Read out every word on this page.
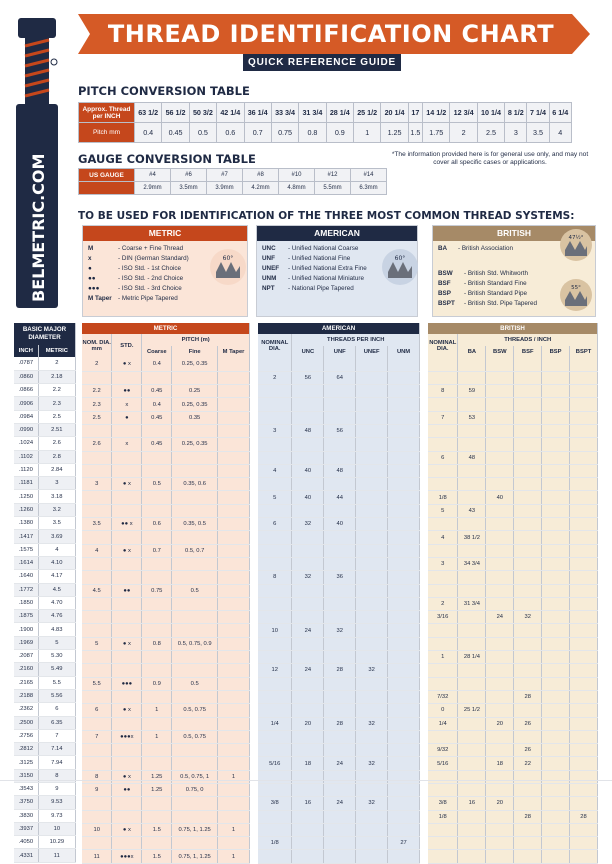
BELMETRIC.COM
THREAD IDENTIFICATION CHART
QUICK REFERENCE GUIDE
PITCH CONVERSION TABLE
Approx. Thread per INCH	63 1/2	56 1/2	50 3/2	42 1/4	36 1/4	33 3/4	31 3/4	28 1/4	25 1/2	20 1/4	17	14 1/2	12 3/4	10 1/4	8 1/2	7 1/4	6 1/4
Pitch mm	0.4	0.45	0.5	0.6	0.7	0.75	0.8	0.9	1	1.25	1.5	1.75	2	2.5	3	3.5	4
GAUGE CONVERSION TABLE
US GAUGE	#4	#6	#7	#8	#10	#12	#14
	2.9mm	3.5mm	3.9mm	4.2mm	4.8mm	5.5mm	6.3mm
*The information provided here is for general use only, and may not cover all specific cases or applications.
TO BE USED FOR IDENTIFICATION OF THE THREE MOST COMMON THREAD SYSTEMS:
METRIC
M	- Coarse + Fine Thread
x	- DIN (German Standard)
●	- ISO Std. - 1st Choice
●●	- ISO Std. - 2nd Choice
●●●	- ISO Std. - 3rd Choice
M Taper - Metric Pipe Tapered
60°
AMERICAN
UNC - Unified National Coarse
UNF - Unified National Fine
UNEF - Unified National Extra Fine
UNM - Unified National Miniature
NPT - National Pipe Tapered
60°
BRITISH
BA - British Association
BSW - British Std. Whitworth
BSF - British Standard Fine
BSP - British Standard Pipe
BSPT - British Std. Pipe Tapered
47½°
55°
BASIC MAJOR DIAMETER	
INCH	METRIC
.0787	2
.0860	2.18
.0866	2.2
.0906	2.3
.0984	2.5
.0990	2.51
.1024	2.6
.1102	2.8
.1120	2.84
.1181	3
.1250	3.18
.1260	3.2
.1380	3.5
.1417	3.69
.1575	4
.1614	4.10
.1640	4.17
.1772	4.5
.1850	4.70
.1875	4.76
.1900	4.83
.1969	5
.2087	5.30
.2160	5.49
.2165	5.5
.2188	5.56
.2362	6
.2500	6.35
.2756	7
.2812	7.14
.3125	7.94
.3150	8
.3543	9
.3750	9.53
.3830	9.73
.3937	10
.4050	10.29
.4331	11
METRIC				
NOM. DIA. mm	STD.	PITCH (m)		
		Coarse	Fine	M Taper
2	● x	0.4	0.25, 0.35	

2.2	●●	0.45	0.25	
2.3	x	0.4	0.25, 0.35	
2.5	●	0.45	0.35	

2.6	x	0.45	0.25, 0.35	

3	● x	0.5	0.35, 0.6	

3.5	●● x	0.6	0.35, 0.5	

4	● x	0.7	0.5, 0.7	

4.5	●●	0.75	0.5	

5	● x	0.8	0.5, 0.75, 0.9	

5.5	●●●	0.9	0.5	

6	● x	1	0.5, 0.75	

7	●●●x	1	0.5, 0.75	

8	● x	1.25	0.5, 0.75, 1	1
9	●●	1.25	0.75, 0	

10	● x	1.5	0.75, 1, 1.25	1

11	●●●x	1.5	0.75, 1, 1.25	1
AMERICAN				
NOMINAL DIA.	THREADS PER INCH			
	UNC	UNF	UNEF	UNM

2	56	64		

3	48	56		

4	40	48		

5	40	44		

6	32	40		

8	32	36		

10	24	32		

12	24	28	32	

1/4	20	28	32	

5/16	18	24	32	

3/8	16	24	32	

1/8				27

BRITISH					
NOMINAL DIA.	THREADS / INCH				
	BA	BSW	BSF	BSP	BSPT

8	59				

7	53				

6	48				

1/8		40			
5	43				

4	38 1/2				

3	34 3/4				

2	31 3/4				
3/16		24	32		

1	28 1/4				

7/32			28		
0	25 1/2				
1/4		20	26		

9/32			26		
5/16		18	22		

3/8	16	20			
1/8			28		28
